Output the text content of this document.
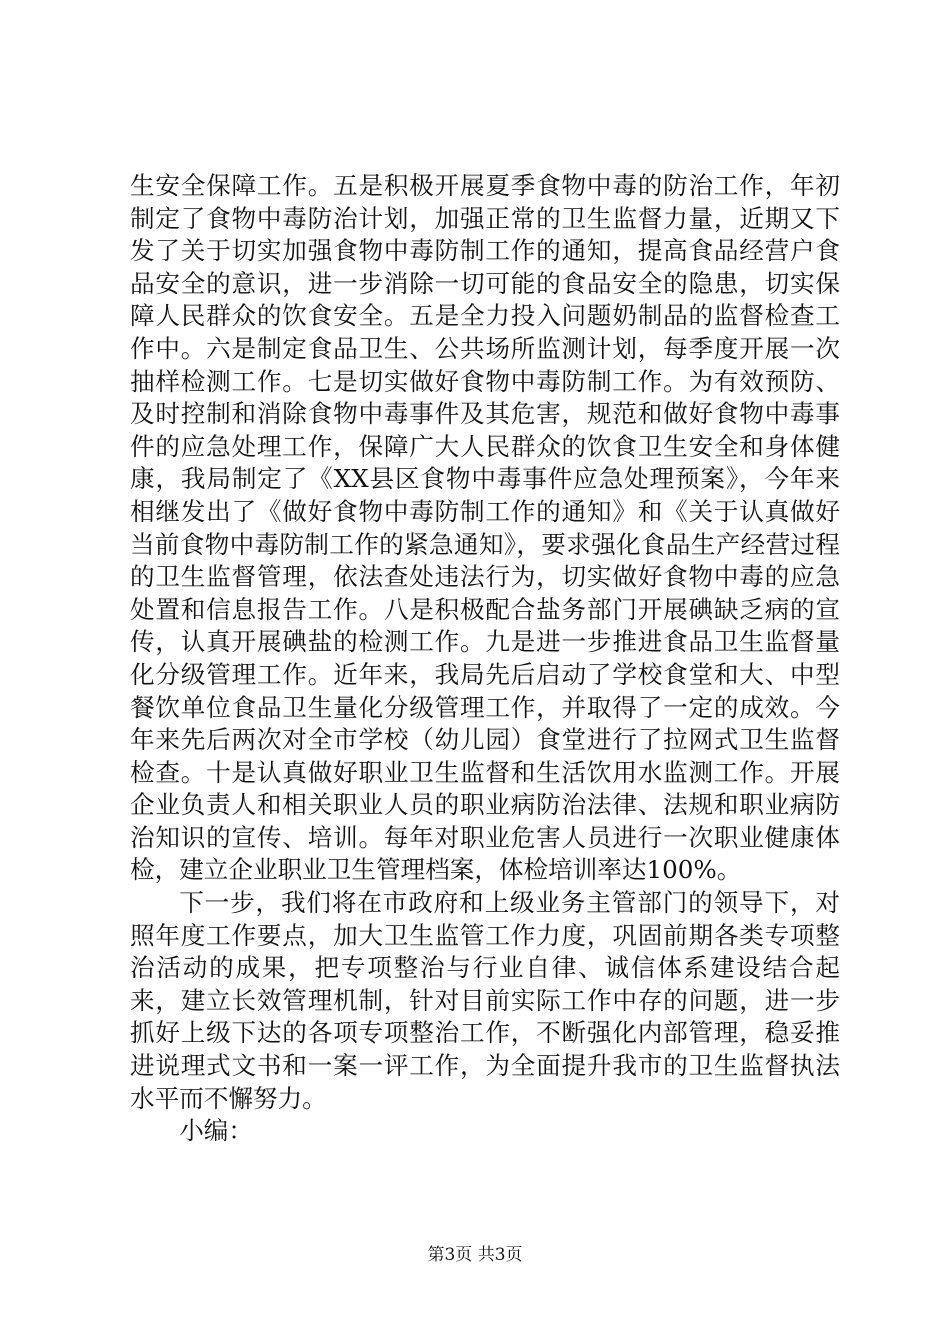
生安全保障工作。五是积极开展夏季食物中毒的防治工作，年初制定了食物中毒防治计划，加强正常的卫生监督力量，近期又下发了关于切实加强食物中毒防制工作的通知，提高食品经营户食品安全的意识，进一步消除一切可能的食品安全的隐患，切实保障人民群众的饮食安全。五是全力投入问题奶制品的监督检查工作中。六是制定食品卫生、公共场所监测计划，每季度开展一次抽样检测工作。七是切实做好食物中毒防制工作。为有效预防、及时控制和消除食物中毒事件及其危害，规范和做好食物中毒事件的应急处理工作，保障广大人民群众的饮食卫生安全和身体健康，我局制定了《XX县区食物中毒事件应急处理预案》，今年来相继发出了《做好食物中毒防制工作的通知》和《关于认真做好当前食物中毒防制工作的紧急通知》，要求强化食品生产经营过程的卫生监督管理，依法查处违法行为，切实做好食物中毒的应急处置和信息报告工作。八是积极配合盐务部门开展碘缺乏病的宣传，认真开展碘盐的检测工作。九是进一步推进食品卫生监督量化分级管理工作。近年来，我局先后启动了学校食堂和大、中型餐饮单位食品卫生量化分级管理工作，并取得了一定的成效。今年来先后两次对全市学校（幼儿园）食堂进行了拉网式卫生监督检查。十是认真做好职业卫生监督和生活饮用水监测工作。开展企业负责人和相关职业人员的职业病防治法律、法规和职业病防治知识的宣传、培训。每年对职业危害人员进行一次职业健康体检，建立企业职业卫生管理档案，体检培训率达100%。

下一步，我们将在市政府和上级业务主管部门的领导下，对照年度工作要点，加大卫生监管工作力度，巩固前期各类专项整治活动的成果，把专项整治与行业自律、诚信体系建设结合起来，建立长效管理机制，针对目前实际工作中存的问题，进一步抓好上级下达的各项专项整治工作，不断强化内部管理，稳妥推进说理式文书和一案一评工作，为全面提升我市的卫生监督执法水平而不懈努力。

小编：

第3页 共3页
